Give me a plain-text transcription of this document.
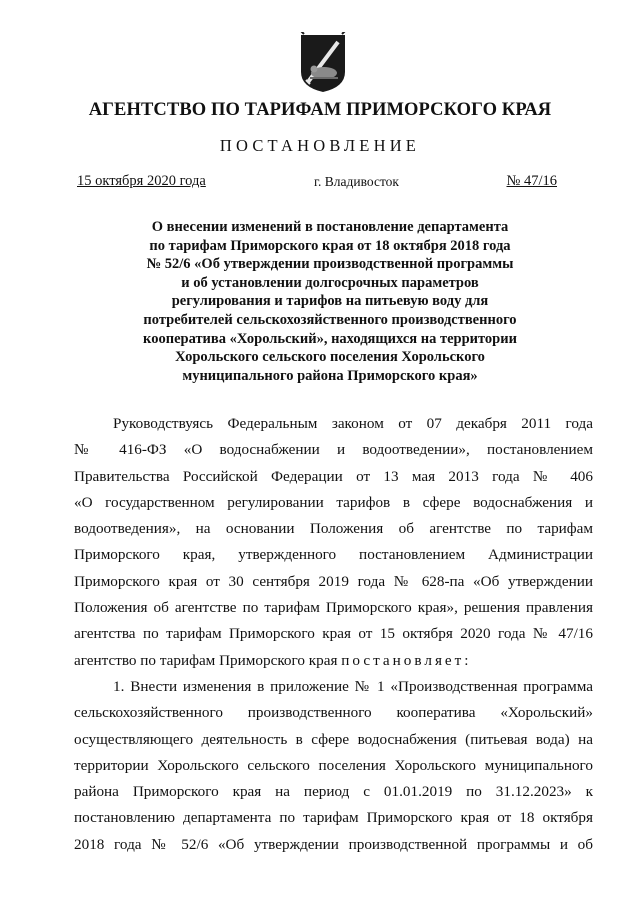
АГЕНТСТВО ПО ТАРИФАМ ПРИМОРСКОГО КРАЯ
ПОСТАНОВЛЕНИЕ
15 октября 2020 года	г. Владивосток	№ 47/16
О внесении изменений в постановление департамента
по тарифам Приморского края от 18 октября 2018 года
№ 52/6 «Об утверждении производственной программы
и об установлении долгосрочных параметров
регулирования и тарифов на питьевую воду для
потребителей сельскохозяйственного производственного
кооператива «Хорольский», находящихся на территории
Хорольского сельского поселения Хорольского
муниципального района Приморского края»
Руководствуясь Федеральным законом от 07 декабря 2011 года
№ 416-ФЗ «О водоснабжении и водоотведении», постановлением
Правительства Российской Федерации от 13 мая 2013 года № 406
«О государственном регулировании тарифов в сфере водоснабжения и
водоотведения», на основании Положения об агентстве по тарифам
Приморского края, утвержденного постановлением Администрации
Приморского края от 30 сентября 2019 года № 628-па «Об утверждении
Положения об агентстве по тарифам Приморского края», решения правления
агентства по тарифам Приморского края от 15 октября 2020 года № 47/16
агентство по тарифам Приморского края постановляет:
1. Внести изменения в приложение № 1 «Производственная программа
сельскохозяйственного производственного кооператива «Хорольский»
осуществляющего деятельность в сфере водоснабжения (питьевая вода) на
территории Хорольского сельского поселения Хорольского муниципального
района Приморского края на период с 01.01.2019 по 31.12.2023» к
постановлению департамента по тарифам Приморского края от 18 октября
2018 года № 52/6 «Об утверждении производственной программы и об
